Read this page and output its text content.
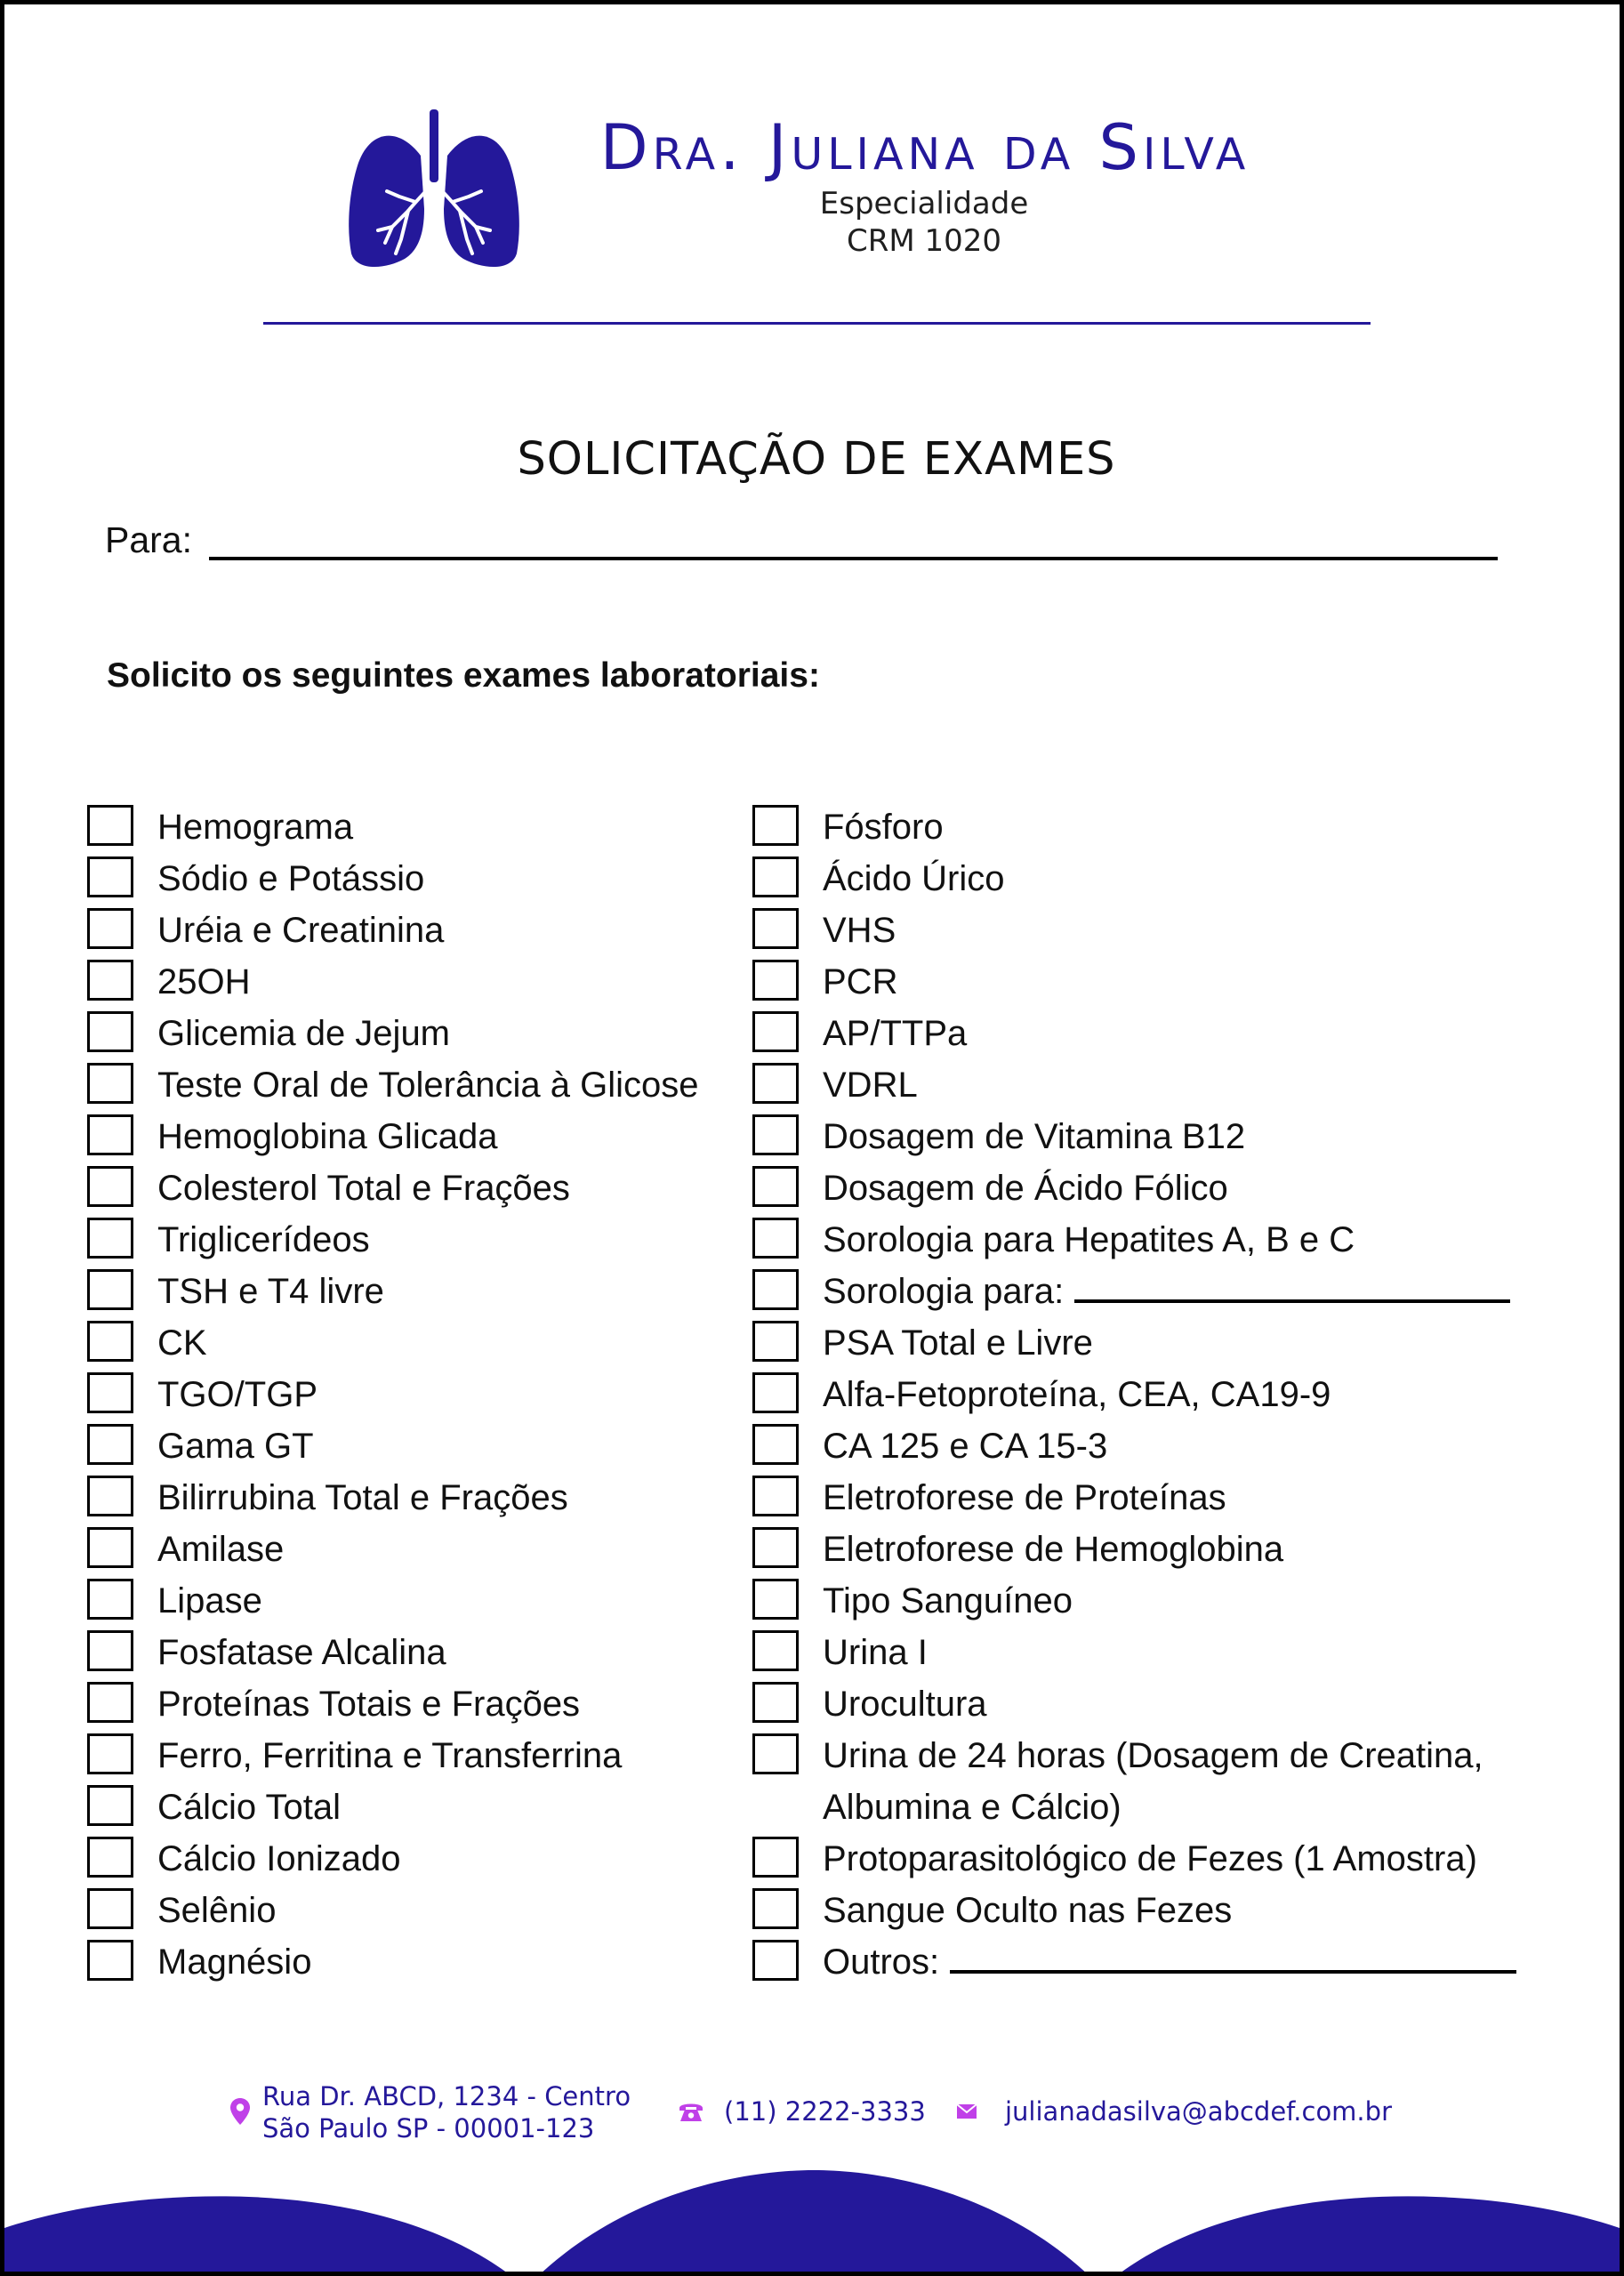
Dra. Juliana da Silva
Especialidade
CRM 1020
SOLICITAÇÃO DE EXAMES
Para:
Solicito os seguintes exames laboratoriais:
Hemograma
Sódio e Potássio
Uréia e Creatinina
25OH
Glicemia de Jejum
Teste Oral de Tolerância à Glicose
Hemoglobina Glicada
Colesterol Total e Frações
Triglicerídeos
TSH e T4 livre
CK
TGO/TGP
Gama GT
Bilirrubina Total e Frações
Amilase
Lipase
Fosfatase Alcalina
Proteínas Totais e Frações
Ferro, Ferritina e Transferrina
Cálcio Total
Cálcio Ionizado
Selênio
Magnésio
Fósforo
Ácido Úrico
VHS
PCR
AP/TTPa
VDRL
Dosagem de Vitamina B12
Dosagem de Ácido Fólico
Sorologia para Hepatites A, B e C
Sorologia para:
PSA Total e Livre
Alfa-Fetoproteína, CEA, CA19-9
CA 125 e CA 15-3
Eletroforese de Proteínas
Eletroforese de Hemoglobina
Tipo Sanguíneo
Urina I
Urocultura
Urina de 24 horas (Dosagem de Creatina,
Albumina e Cálcio)
Protoparasitológico de Fezes (1 Amostra)
Sangue Oculto nas Fezes
Outros:
Rua Dr. ABCD, 1234 - Centro
São Paulo SP - 00001-123
(11) 2222-3333	julianadasilva@abcdef.com.br
